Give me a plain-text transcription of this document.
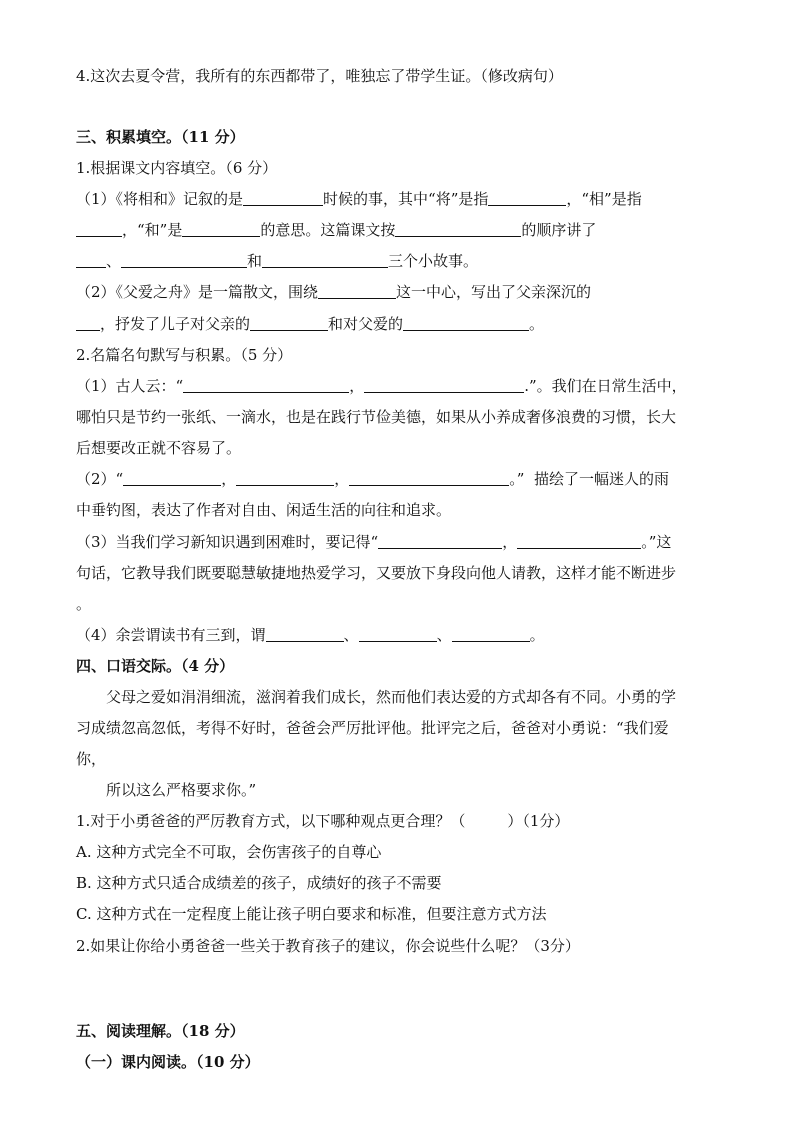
4.这次去夏令营，我所有的东西都带了，唯独忘了带学生证。（修改病句）
三、积累填空。（11 分）
1.根据课文内容填空。（6 分）
（1）《将相和》记叙的是	时候的事，其中“将”是指	，“相”是指
，“和”是	的意思。这篇课文按	的顺序讲了
、	和	三个小故事。
（2）《父爱之舟》是一篇散文，围绕	这一中心，写出了父亲深沉的
，抒发了儿子对父亲的	和对父爱的	。
2.名篇名句默写与积累。（5 分）
（1）古人云：“	，	.”。我们在日常生活中，
哪怕只是节约一张纸、一滴水，也是在践行节俭美德，如果从小养成奢侈浪费的习惯，长大
后想要改正就不容易了。
（2）“	，	，	。”  描绘了一幅迷人的雨
中垂钓图，表达了作者对自由、闲适生活的向往和追求。
（3）当我们学习新知识遇到困难时，要记得“	，	。”这
句话，它教导我们既要聪慧敏捷地热爱学习，又要放下身段向他人请教，这样才能不断进步
。
（4）余尝谓读书有三到，谓	、	、	。
四、口语交际。（4 分）
父母之爱如涓涓细流，滋润着我们成长，然而他们表达爱的方式却各有不同。小勇的学
习成绩忽高忽低，考得不好时，爸爸会严厉批评他。批评完之后，爸爸对小勇说：“我们爱
你，
所以这么严格要求你。”
1.对于小勇爸爸的严厉教育方式，以下哪种观点更合理？（	）（1分）
A. 这种方式完全不可取，会伤害孩子的自尊心
B. 这种方式只适合成绩差的孩子，成绩好的孩子不需要
C. 这种方式在一定程度上能让孩子明白要求和标准，但要注意方式方法
2.如果让你给小勇爸爸一些关于教育孩子的建议，你会说些什么呢？（3分）
五、阅读理解。（18 分）
（一）课内阅读。（10 分）
